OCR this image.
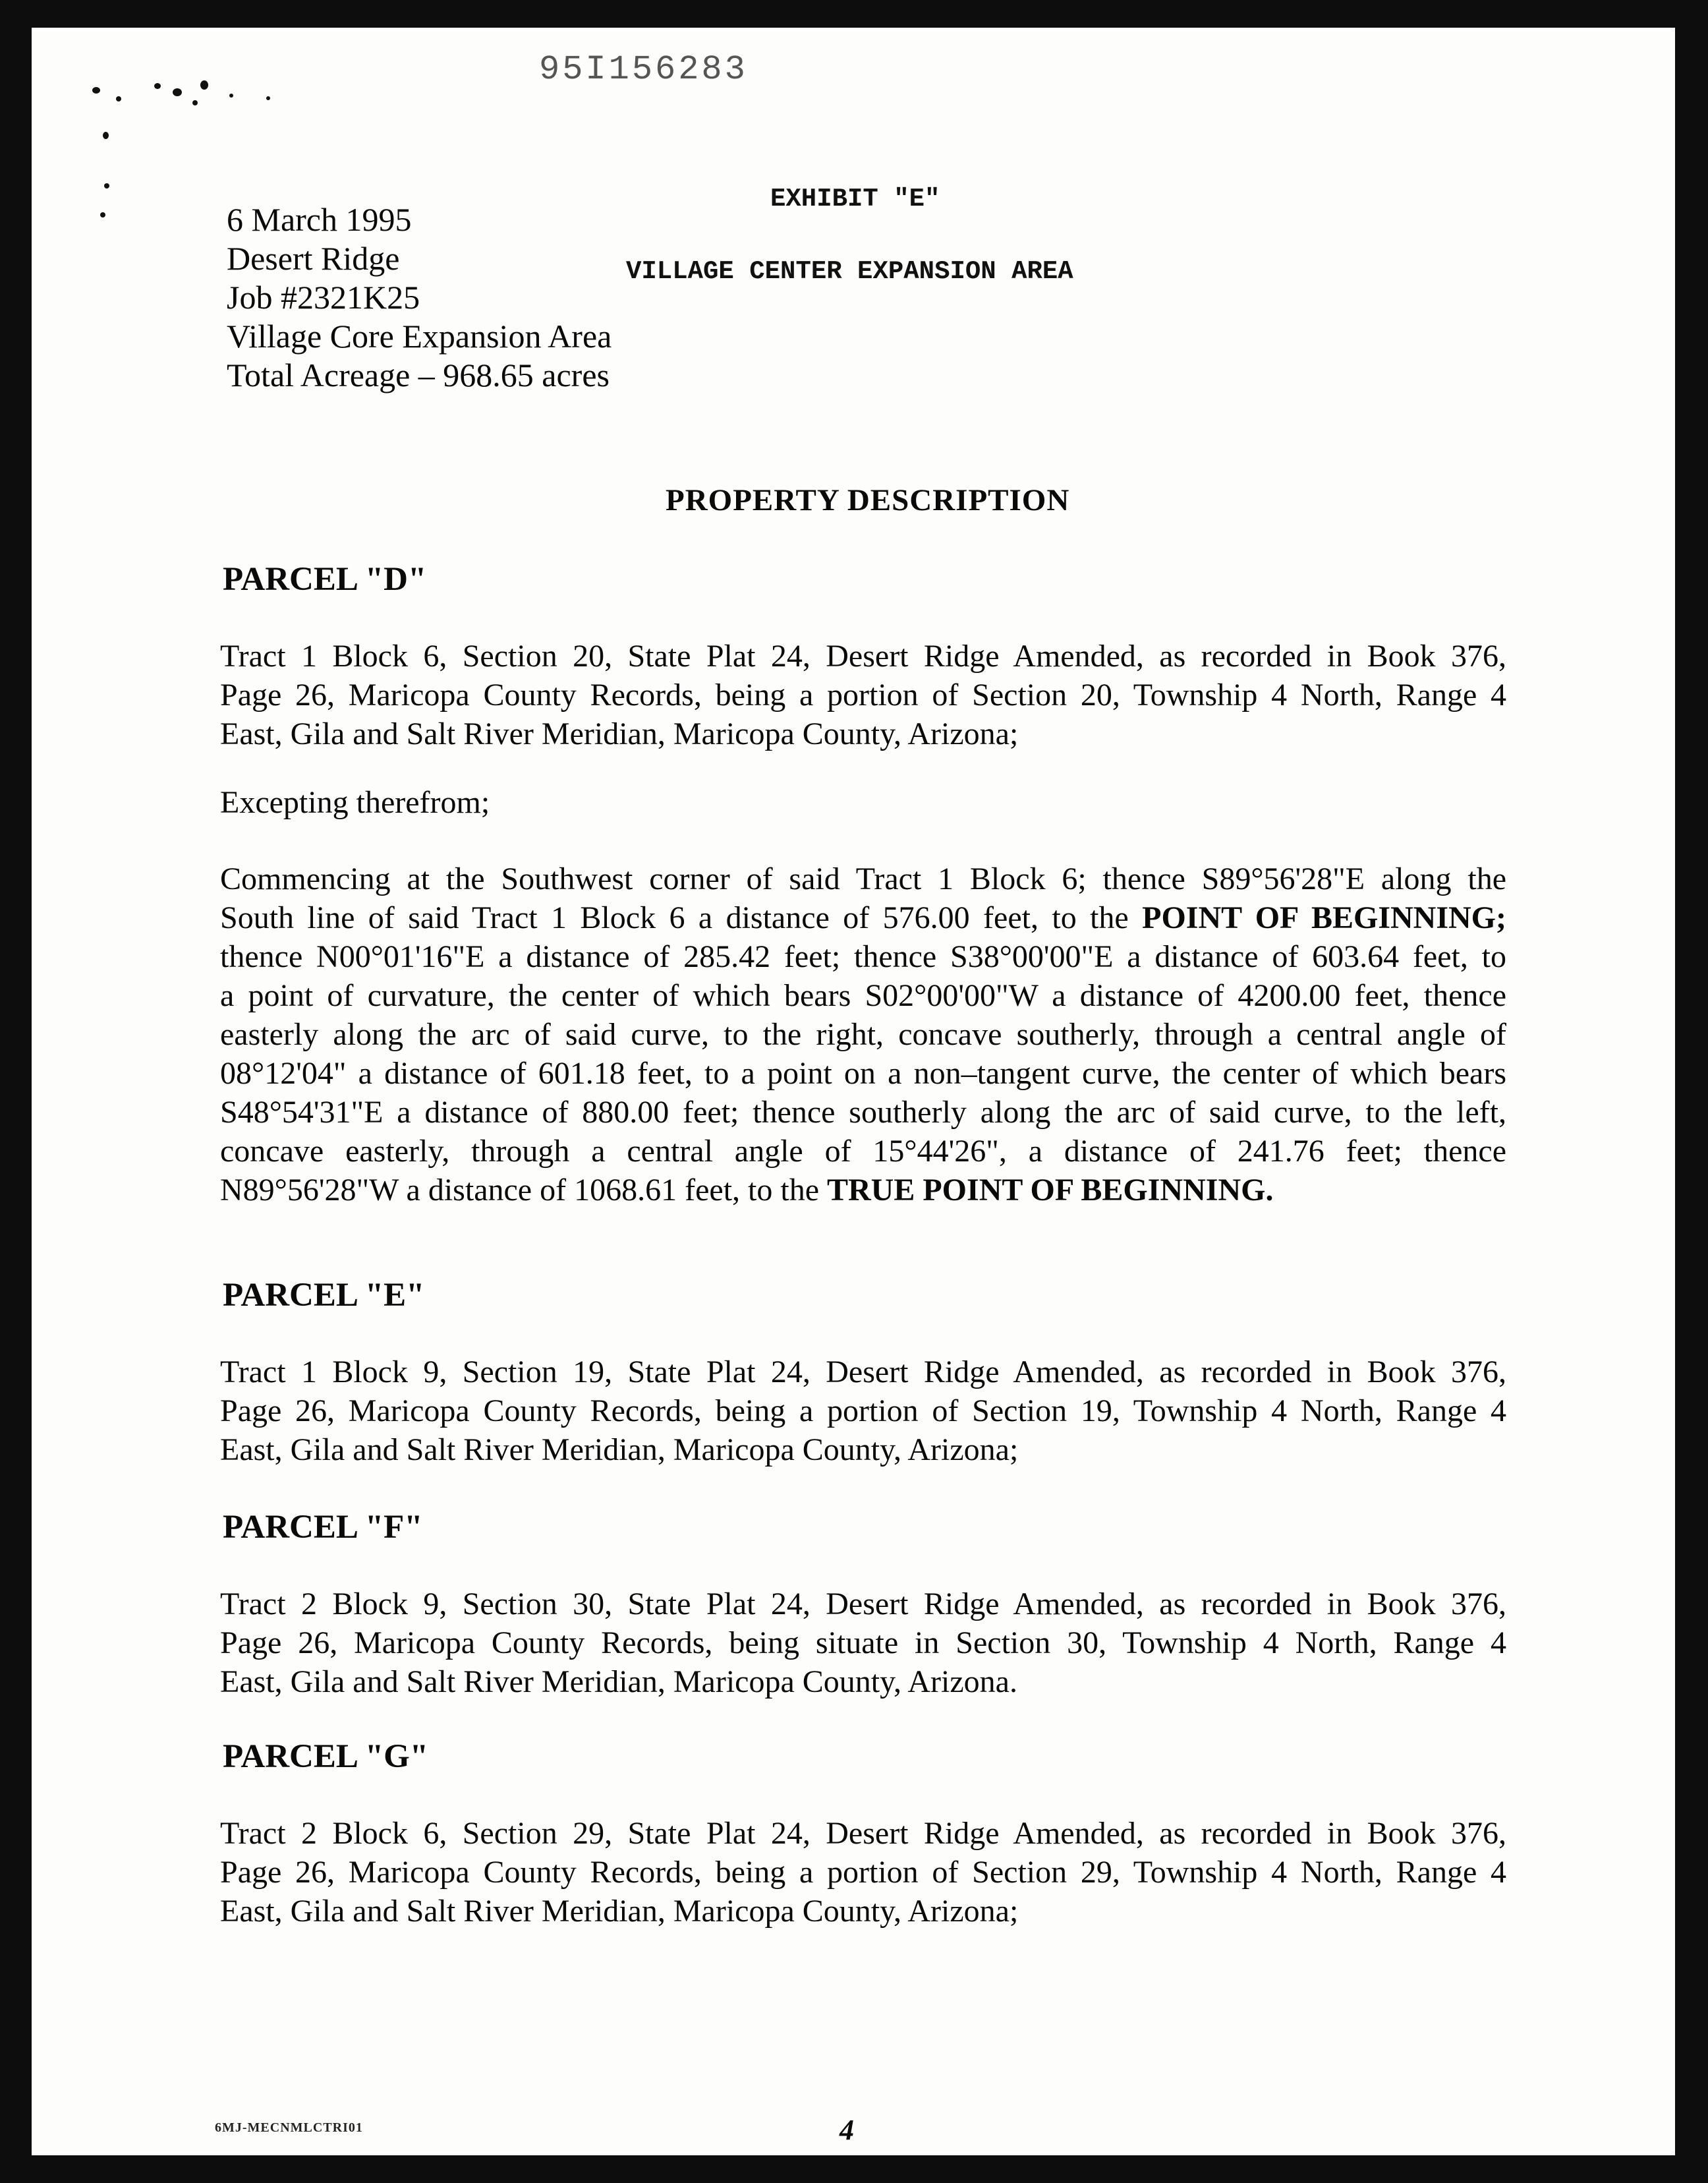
95I156283
EXHIBIT "E"
VILLAGE CENTER EXPANSION AREA
6 March 1995
Desert Ridge
Job #2321K25
Village Core Expansion Area
Total Acreage – 968.65 acres
PROPERTY DESCRIPTION
PARCEL "D"
Tract 1 Block 6, Section 20, State Plat 24, Desert Ridge Amended, as recorded in Book 376,
Page 26, Maricopa County Records, being a portion of Section 20, Township 4 North, Range 4
East, Gila and Salt River Meridian, Maricopa County, Arizona;
Excepting therefrom;
Commencing at the Southwest corner of said Tract 1 Block 6; thence S89°56'28"E along the
South line of said Tract 1 Block 6 a distance of 576.00 feet, to the POINT OF BEGINNING;
thence N00°01'16"E a distance of 285.42 feet; thence S38°00'00"E a distance of 603.64 feet, to
a point of curvature, the center of which bears S02°00'00"W a distance of 4200.00 feet, thence
easterly along the arc of said curve, to the right, concave southerly, through a central angle of
08°12'04" a distance of 601.18 feet, to a point on a non–tangent curve, the center of which bears
S48°54'31"E a distance of 880.00 feet; thence southerly along the arc of said curve, to the left,
concave easterly, through a central angle of 15°44'26", a distance of 241.76 feet; thence
N89°56'28"W a distance of 1068.61 feet, to the TRUE POINT OF BEGINNING.
PARCEL "E"
Tract 1 Block 9, Section 19, State Plat 24, Desert Ridge Amended, as recorded in Book 376,
Page 26, Maricopa County Records, being a portion of Section 19, Township 4 North, Range 4
East, Gila and Salt River Meridian, Maricopa County, Arizona;
PARCEL "F"
Tract 2 Block 9, Section 30, State Plat 24, Desert Ridge Amended, as recorded in Book 376,
Page 26, Maricopa County Records, being situate in Section 30, Township 4 North, Range 4
East, Gila and Salt River Meridian, Maricopa County, Arizona.
PARCEL "G"
Tract 2 Block 6, Section 29, State Plat 24, Desert Ridge Amended, as recorded in Book 376,
Page 26, Maricopa County Records, being a portion of Section 29, Township 4 North, Range 4
East, Gila and Salt River Meridian, Maricopa County, Arizona;
6MJ-MECNMLCTRI01	4
